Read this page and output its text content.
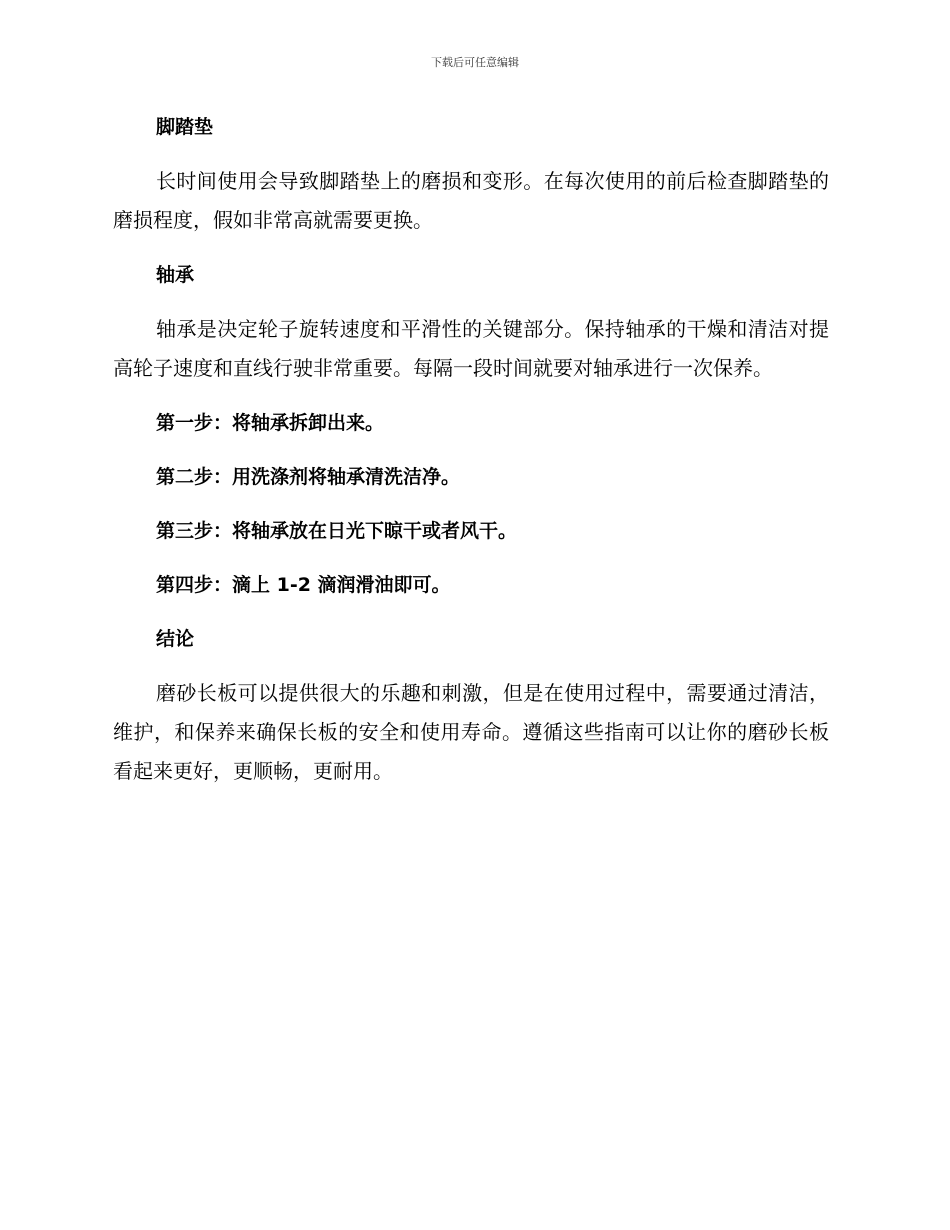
下载后可任意编辑
脚踏垫

长时间使用会导致脚踏垫上的磨损和变形。在每次使用的前后检查脚踏垫的磨损程度，假如非常高就需要更换。

轴承

轴承是决定轮子旋转速度和平滑性的关键部分。保持轴承的干燥和清洁对提高轮子速度和直线行驶非常重要。每隔一段时间就要对轴承进行一次保养。

第一步：将轴承拆卸出来。
第二步：用洗涤剂将轴承清洗洁净。
第三步：将轴承放在日光下晾干或者风干。
第四步：滴上 1-2 滴润滑油即可。
结论

磨砂长板可以提供很大的乐趣和刺激，但是在使用过程中，需要通过清洁，维护，和保养来确保长板的安全和使用寿命。遵循这些指南可以让你的磨砂长板看起来更好，更顺畅，更耐用。
